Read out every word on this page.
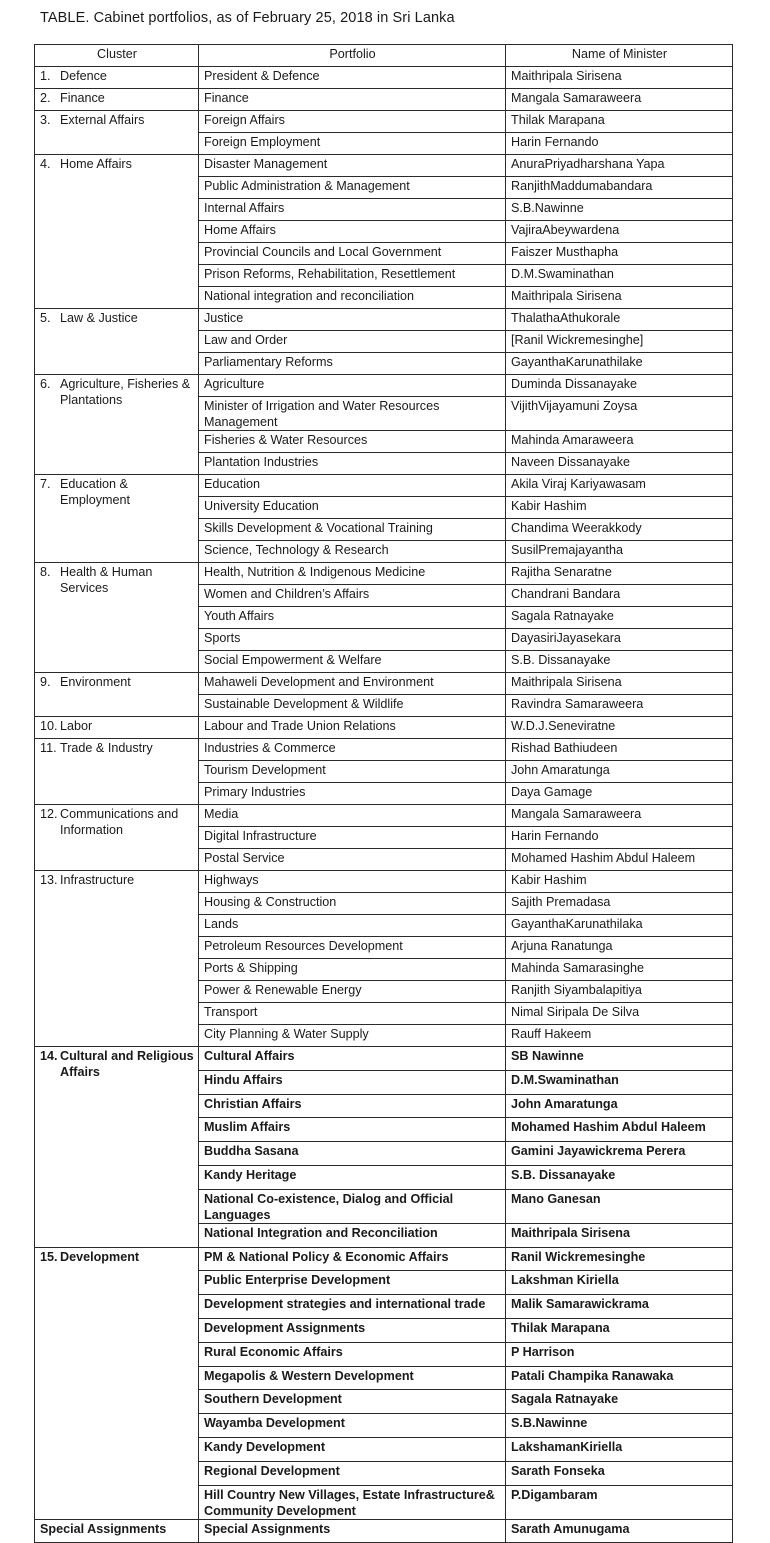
TABLE. Cabinet portfolios, as of February 25, 2018 in Sri Lanka
Cluster	Portfolio	Name of Minister

1. Defence	President & Defence	Maithripala Sirisena

2. Finance	Finance	Mangala Samaraweera

3. External Affairs	Foreign Affairs	Thilak Marapana
	Foreign Employment	Harin Fernando

4. Home Affairs	Disaster Management	AnuraPriyadharshana Yapa
	Public Administration & Management	RanjithMaddumabandara
	Internal Affairs	S.B.Nawinne
	Home Affairs	VajiraAbeywardena
	Provincial Councils and Local Government	Faiszer Musthapha
	Prison Reforms, Rehabilitation, Resettlement	D.M.Swaminathan
	National integration and reconciliation	Maithripala Sirisena

5. Law & Justice	Justice	ThalathaAthukorale
	Law and Order	[Ranil Wickremesinghe]
	Parliamentary Reforms	GayanthaKarunathilake

6. Agriculture, Fisheries & Plantations	Agriculture	Duminda Dissanayake
	Minister of Irrigation and Water Resources Management	VijithVijayamuni Zoysa
	Fisheries & Water Resources	Mahinda Amaraweera
	Plantation Industries	Naveen Dissanayake

7. Education & Employment	Education	Akila Viraj Kariyawasam
	University Education	Kabir Hashim
	Skills Development & Vocational Training	Chandima Weerakkody
	Science, Technology & Research	SusilPremajayantha

8. Health & Human Services	Health, Nutrition & Indigenous Medicine	Rajitha Senaratne
	Women and Children’s Affairs	Chandrani Bandara
	Youth Affairs	Sagala Ratnayake
	Sports	DayasiriJayasekara
	Social Empowerment & Welfare	S.B. Dissanayake

9. Environment	Mahaweli Development and Environment	Maithripala Sirisena
	Sustainable Development & Wildlife	Ravindra Samaraweera

10. Labor	Labour and Trade Union Relations	W.D.J.Seneviratne

11. Trade & Industry	Industries & Commerce	Rishad Bathiudeen
	Tourism Development	John Amaratunga
	Primary Industries	Daya Gamage

12. Communications and Information	Media	Mangala Samaraweera
	Digital Infrastructure	Harin Fernando
	Postal Service	Mohamed Hashim Abdul Haleem

13. Infrastructure	Highways	Kabir Hashim
	Housing & Construction	Sajith Premadasa
	Lands	GayanthaKarunathilaka
	Petroleum Resources Development	Arjuna Ranatunga
	Ports & Shipping	Mahinda Samarasinghe
	Power & Renewable Energy	Ranjith Siyambalapitiya
	Transport	Nimal Siripala De Silva
	City Planning & Water Supply	Rauff Hakeem

14. Cultural and Religious Affairs	Cultural Affairs	SB Nawinne
	Hindu Affairs	D.M.Swaminathan
	Christian Affairs	John Amaratunga
	Muslim Affairs	Mohamed Hashim Abdul Haleem
	Buddha Sasana	Gamini Jayawickrema Perera
	Kandy Heritage	S.B. Dissanayake
	National Co-existence, Dialog and Official Languages	Mano Ganesan
	National Integration and Reconciliation	Maithripala Sirisena

15. Development	PM & National Policy & Economic Affairs	Ranil Wickremesinghe
	Public Enterprise Development	Lakshman Kiriella
	Development strategies and international trade	Malik Samarawickrama
	Development Assignments	Thilak Marapana
	Rural Economic Affairs	P Harrison
	Megapolis & Western Development	Patali Champika Ranawaka
	Southern Development	Sagala Ratnayake
	Wayamba Development	S.B.Nawinne
	Kandy Development	LakshamanKiriella
	Regional Development	Sarath Fonseka
	Hill Country New Villages, Estate Infrastructure& Community Development	P.Digambaram

Special Assignments	Special Assignments	Sarath Amunugama
